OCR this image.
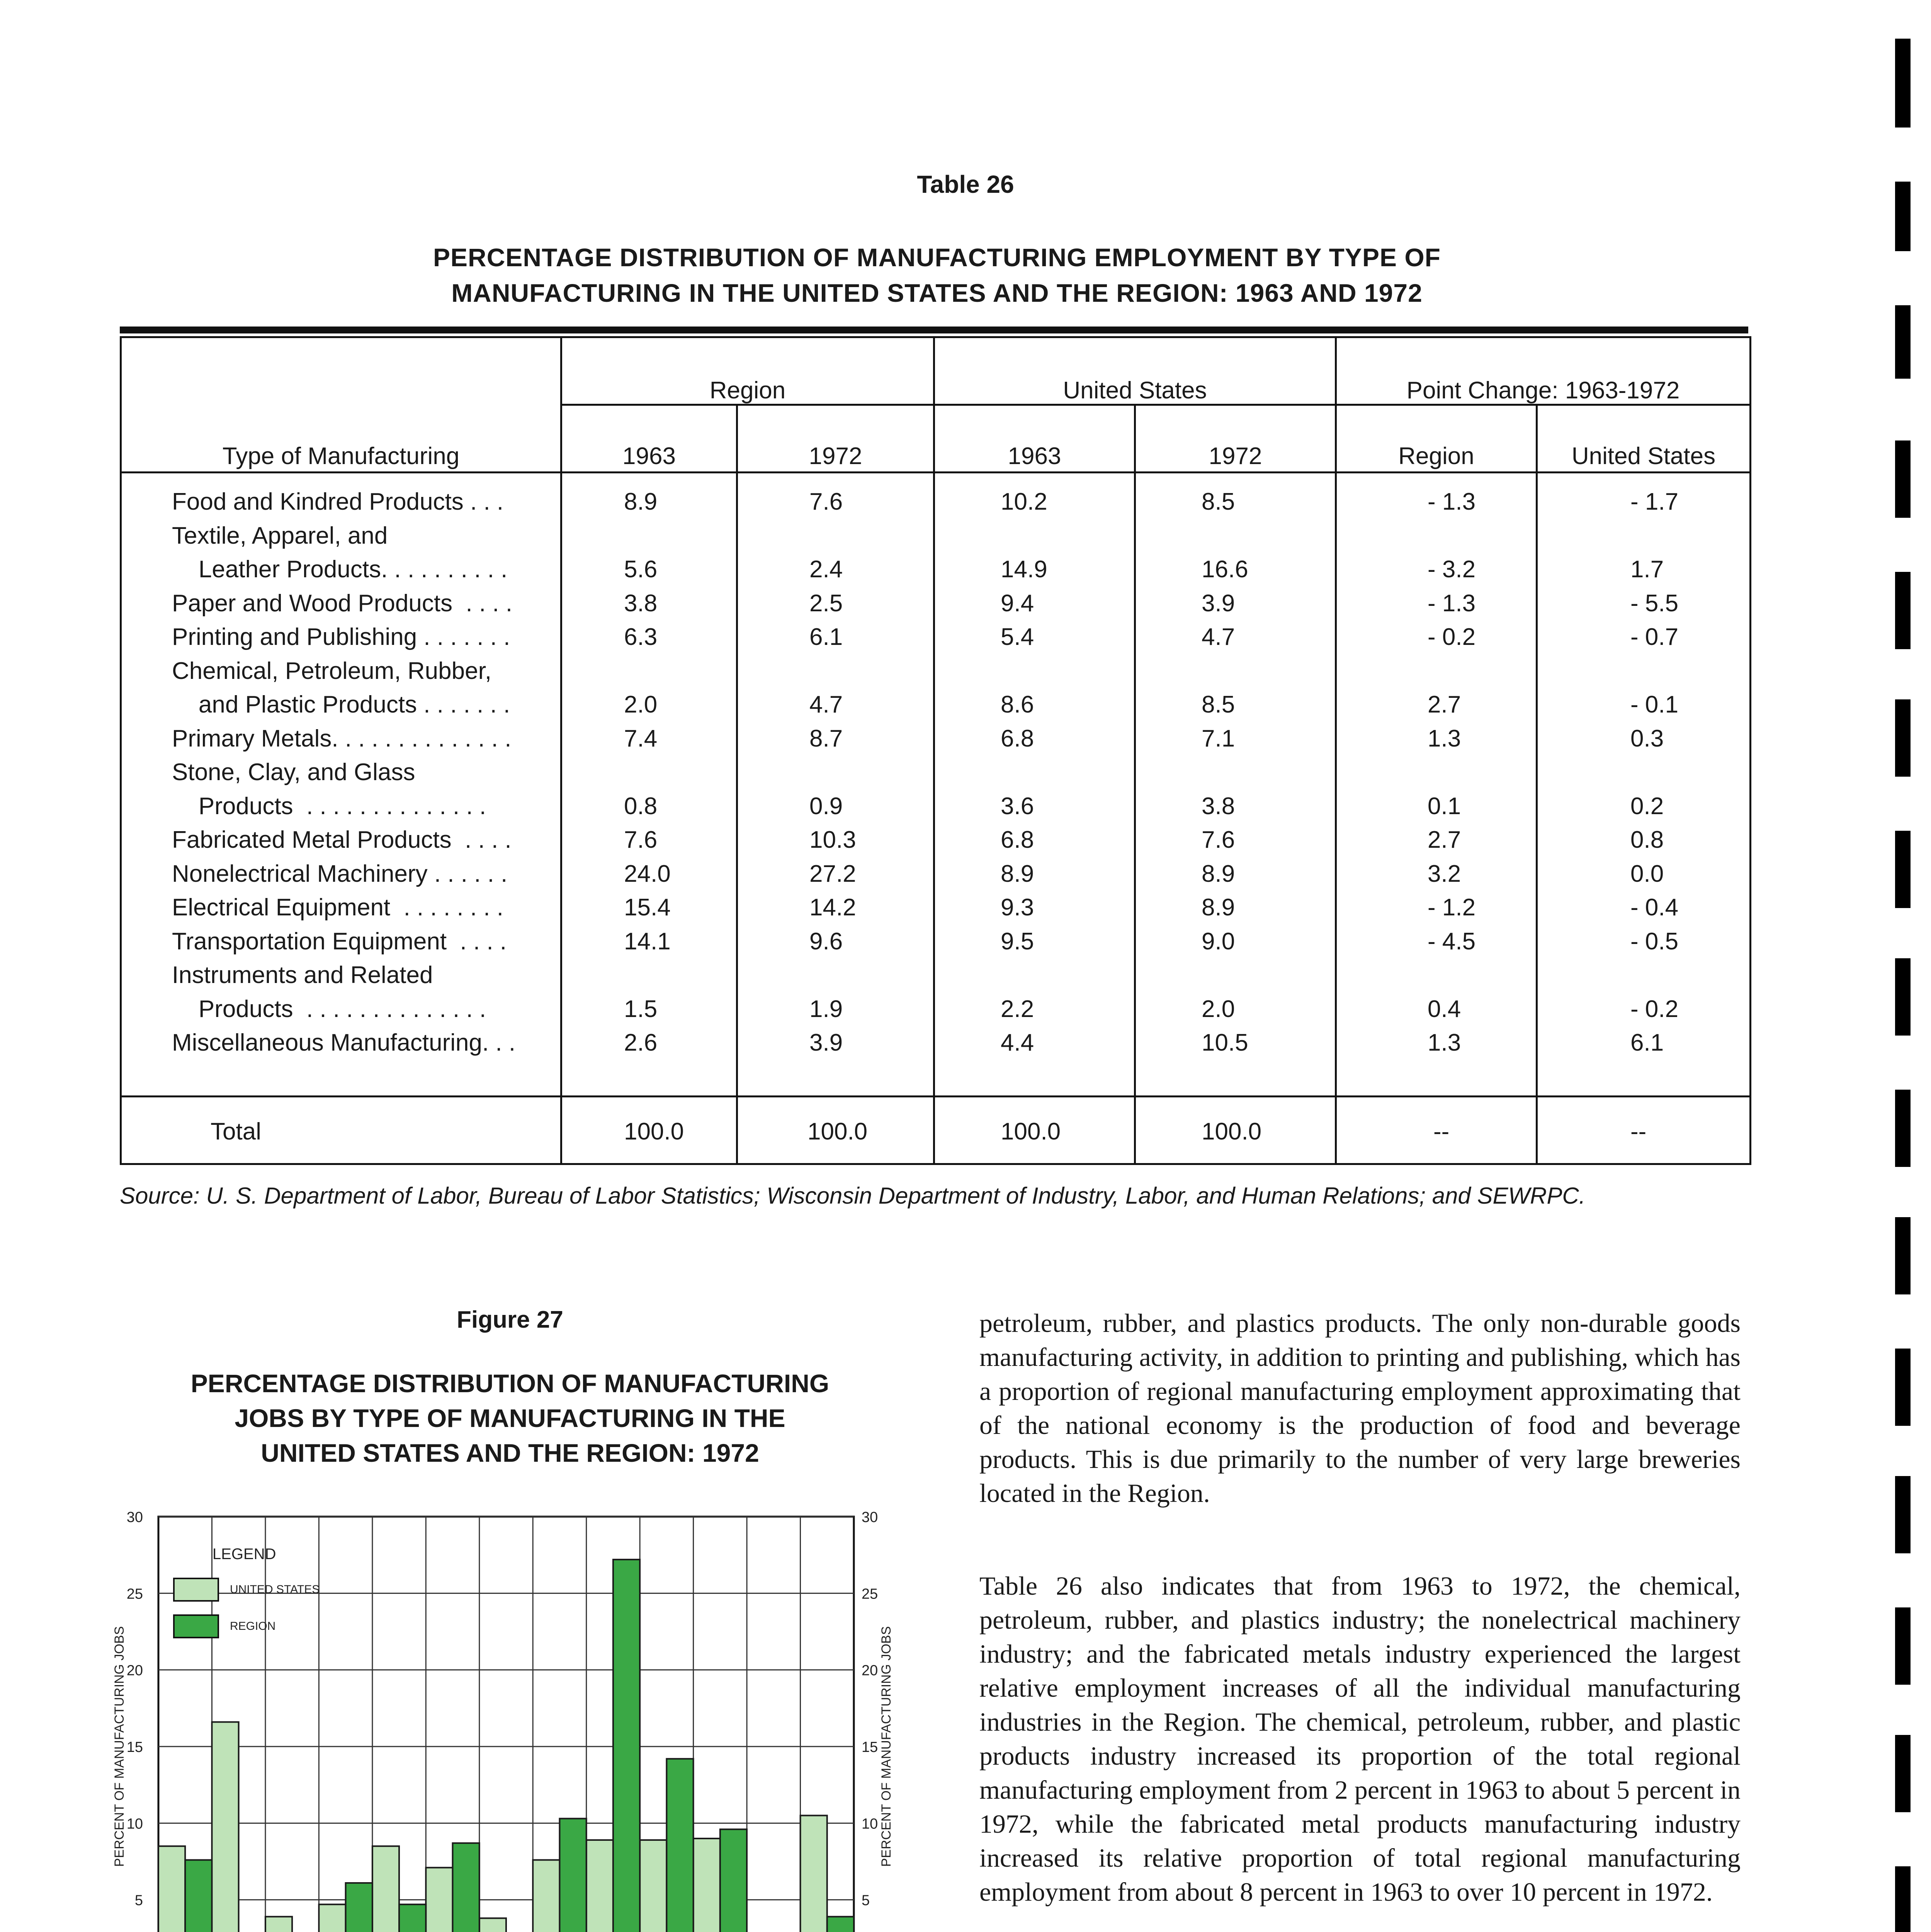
Table 26
PERCENTAGE DISTRIBUTION OF MANUFACTURING EMPLOYMENT BY TYPE OF
MANUFACTURING IN THE UNITED STATES AND THE REGION: 1963 AND 1972
Region	United States	Point Change: 1963-1972
Type of Manufacturing	1963	1972	1963	1972	Region	United States
Food and Kindred Products . . .	8.9	7.6	10.2	8.5	- 1.3	- 1.7
Textile, Apparel, and
Leather Products. . . . . . . . . .	5.6	2.4	14.9	16.6	- 3.2	1.7
Paper and Wood Products  . . . .	3.8	2.5	9.4	3.9	- 1.3	- 5.5
Printing and Publishing . . . . . . .	6.3	6.1	5.4	4.7	- 0.2	- 0.7
Chemical, Petroleum, Rubber,
and Plastic Products . . . . . . .	2.0	4.7	8.6	8.5	2.7	- 0.1
Primary Metals. . . . . . . . . . . . . .	7.4	8.7	6.8	7.1	1.3	0.3
Stone, Clay, and Glass
Products  . . . . . . . . . . . . . .	0.8	0.9	3.6	3.8	0.1	0.2
Fabricated Metal Products  . . . .	7.6	10.3	6.8	7.6	2.7	0.8
Nonelectrical Machinery . . . . . .	24.0	27.2	8.9	8.9	3.2	0.0
Electrical Equipment  . . . . . . . .	15.4	14.2	9.3	8.9	- 1.2	- 0.4
Transportation Equipment  . . . .	14.1	9.6	9.5	9.0	- 4.5	- 0.5
Instruments and Related
Products  . . . . . . . . . . . . . .	1.5	1.9	2.2	2.0	0.4	- 0.2
Miscellaneous Manufacturing. . .	2.6	3.9	4.4	10.5	1.3	6.1
Total	100.0	100.0	100.0	100.0	--	--
Source: U. S. Department of Labor, Bureau of Labor Statistics; Wisconsin Department of Industry, Labor, and Human Relations; and SEWRPC.
Figure 27
PERCENTAGE DISTRIBUTION OF MANUFACTURING
JOBS BY TYPE OF MANUFACTURING IN THE
UNITED STATES AND THE REGION: 1972
5	5
10	10
15	15
20	20
25	25
30	30
LEGEND
UNITED STATES
REGION
PERCENT OF MANUFACTURING JOBS	PERCENT OF MANUFACTURING JOBS
petroleum, rubber, and plastics products. The only non-durable goods manufacturing activity, in addition to printing and publishing, which has a proportion of regional manufacturing employment approximating that of the national economy is the production of food and beverage products. This is due primarily to the number of very large breweries located in the Region.
Table 26 also indicates that from 1963 to 1972, the chemical, petroleum, rubber, and plastics industry; the nonelectrical machinery industry; and the fabricated metals industry experienced the largest relative employment increases of all the individual manufacturing industries in the Region. The chemical, petroleum, rubber, and plastic products industry increased its proportion of the total regional manufacturing employment from 2 percent in 1963 to about 5 percent in 1972, while the fabricated metal products manufacturing industry increased its relative proportion of total regional manufacturing employment from about 8 percent in 1963 to over 10 percent in 1972.
